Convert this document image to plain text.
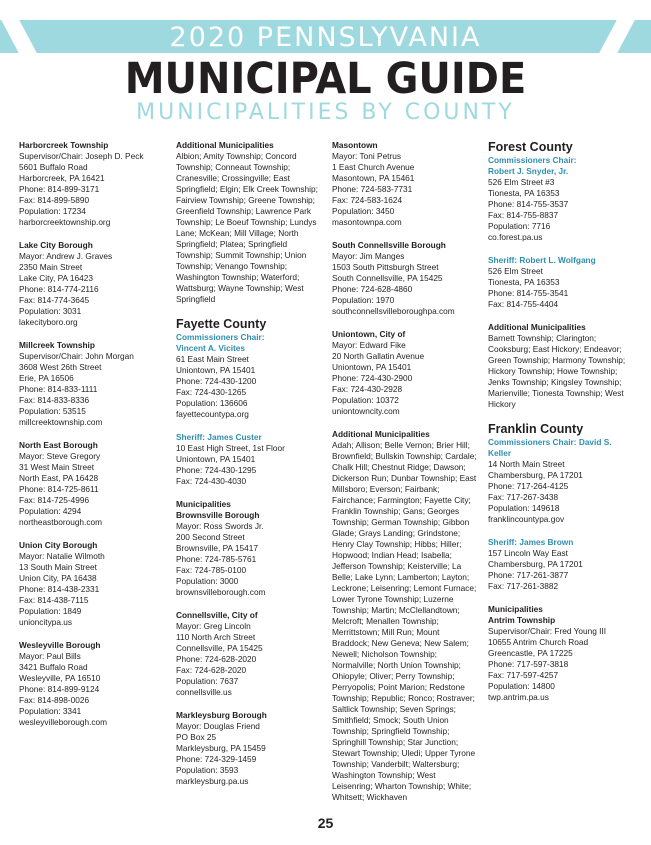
2020 PENNSLYVANIA
MUNICIPAL GUIDE
MUNICIPALITIES BY COUNTY
Harborcreek Township
Supervisor/Chair: Joseph D. Peck
5601 Buffalo Road
Harborcreek, PA 16421
Phone: 814-899-3171
Fax: 814-899-5890
Population: 17234
harborcreektownship.org
Lake City Borough
Mayor: Andrew J. Graves
2350 Main Street
Lake City, PA 16423
Phone: 814-774-2116
Fax: 814-774-3645
Population: 3031
lakecityboro.org
Millcreek Township
Supervisor/Chair: John Morgan
3608 West 26th Street
Erie, PA 16506
Phone: 814-833-1111
Fax: 814-833-8336
Population: 53515
millcreektownship.com
North East Borough
Mayor: Steve Gregory
31 West Main Street
North East, PA 16428
Phone: 814-725-8611
Fax: 814-725-4996
Population: 4294
northeastborough.com
Union City Borough
Mayor: Natalie Wilmoth
13 South Main Street
Union City, PA 16438
Phone: 814-438-2331
Fax: 814-438-7115
Population: 1849
unioncitypa.us
Wesleyville Borough
Mayor: Paul Bills
3421 Buffalo Road
Wesleyville, PA 16510
Phone: 814-899-9124
Fax: 814-898-0026
Population: 3341
wesleyvilleborough.com
Additional Municipalities
Albion; Amity Township; Concord Township; Conneaut Township; Cranesville; Crossingville; East Springfield; Elgin; Elk Creek Township; Fairview Township; Greene Township; Greenfield Township; Lawrence Park Township; Le Boeuf Township; Lundys Lane; McKean; Mill Village; North Springfield; Platea; Springfield Township; Summit Township; Union Township; Venango Township; Washington Township; Waterford; Wattsburg; Wayne Township; West Springfield
Fayette County
Commissioners Chair:
Vincent A. Vicites
61 East Main Street
Uniontown, PA 15401
Phone: 724-430-1200
Fax: 724-430-1265
Population: 136606
fayettecountypa.org
Sheriff: James Custer
10 East High Street, 1st Floor
Uniontown, PA 15401
Phone: 724-430-1295
Fax: 724-430-4030
Municipalities
Brownsville Borough
Mayor: Ross Swords Jr.
200 Second Street
Brownsville, PA 15417
Phone: 724-785-5761
Fax: 724-785-0100
Population: 3000
brownsvilleborough.com
Connellsville, City of
Mayor: Greg Lincoln
110 North Arch Street
Connellsville, PA 15425
Phone: 724-628-2020
Fax: 724-628-2020
Population: 7637
connellsville.us
Markleysburg Borough
Mayor: Douglas Friend
PO Box 25
Markleysburg, PA 15459
Phone: 724-329-1459
Population: 3593
markleysburg.pa.us
Masontown
Mayor: Toni Petrus
1 East Church Avenue
Masontown, PA 15461
Phone: 724-583-7731
Fax: 724-583-1624
Population: 3450
masontownpa.com
South Connellsville Borough
Mayor: Jim Manges
1503 South Pittsburgh Street
South Connellsville, PA 15425
Phone: 724-628-4860
Population: 1970
southconnellsvilleboroughpa.com
Uniontown, City of
Mayor: Edward Fike
20 North Gallatin Avenue
Uniontown, PA 15401
Phone: 724-430-2900
Fax: 724-430-2928
Population: 10372
uniontowncity.com
Additional Municipalities
Adah; Allison; Belle Vernon; Brier Hill; Brownfield; Bullskin Township; Cardale; Chalk Hill; Chestnut Ridge; Dawson; Dickerson Run; Dunbar Township; East Millsboro; Everson; Fairbank; Fairchance; Farmington; Fayette City; Franklin Township; Gans; Georges Township; German Township; Gibbon Glade; Grays Landing; Grindstone; Henry Clay Township; Hibbs; Hiller; Hopwood; Indian Head; Isabella; Jefferson Township; Keisterville; La Belle; Lake Lynn; Lamberton; Layton; Leckrone; Leisenring; Lemont Furnace; Lower Tyrone Township; Luzerne Township; Martin; McClellandtown; Melcroft; Menallen Township; Merrittstown; Mill Run; Mount Braddock; New Geneva; New Salem; Newell; Nicholson Township; Normalville; North Union Township; Ohiopyle; Oliver; Perry Township; Perryopolis; Point Marion; Redstone Township; Republic; Ronco; Rostraver; Saltlick Township; Seven Springs; Smithfield; Smock; South Union Township; Springfield Township; Springhill Township; Star Junction; Stewart Township; Uledi; Upper Tyrone Township; Vanderbilt; Waltersburg; Washington Township; West Leisenring; Wharton Township; White; Whitsett; Wickhaven
Forest County
Commissioners Chair:
Robert J. Snyder, Jr.
526 Elm Street #3
Tionesta, PA 16353
Phone: 814-755-3537
Fax: 814-755-8837
Population: 7716
co.forest.pa.us
Sheriff: Robert L. Wolfgang
526 Elm Street
Tionesta, PA 16353
Phone: 814-755-3541
Fax: 814-755-4404
Additional Municipalities
Barnett Township; Clarington; Cooksburg; East Hickory; Endeavor; Green Township; Harmony Township; Hickory Township; Howe Township; Jenks Township; Kingsley Township; Marienville; Tionesta Township; West Hickory
Franklin County
Commissioners Chair: David S.
Keller
14 North Main Street
Chambersburg, PA 17201
Phone: 717-264-4125
Fax: 717-267-3438
Population: 149618
franklincountypa.gov
Sheriff: James Brown
157 Lincoln Way East
Chambersburg, PA 17201
Phone: 717-261-3877
Fax: 717-261-3882
Municipalities
Antrim Township
Supervisor/Chair: Fred Young III
10655 Antrim Church Road
Greencastle, PA 17225
Phone: 717-597-3818
Fax: 717-597-4257
Population: 14800
twp.antrim.pa.us
25
